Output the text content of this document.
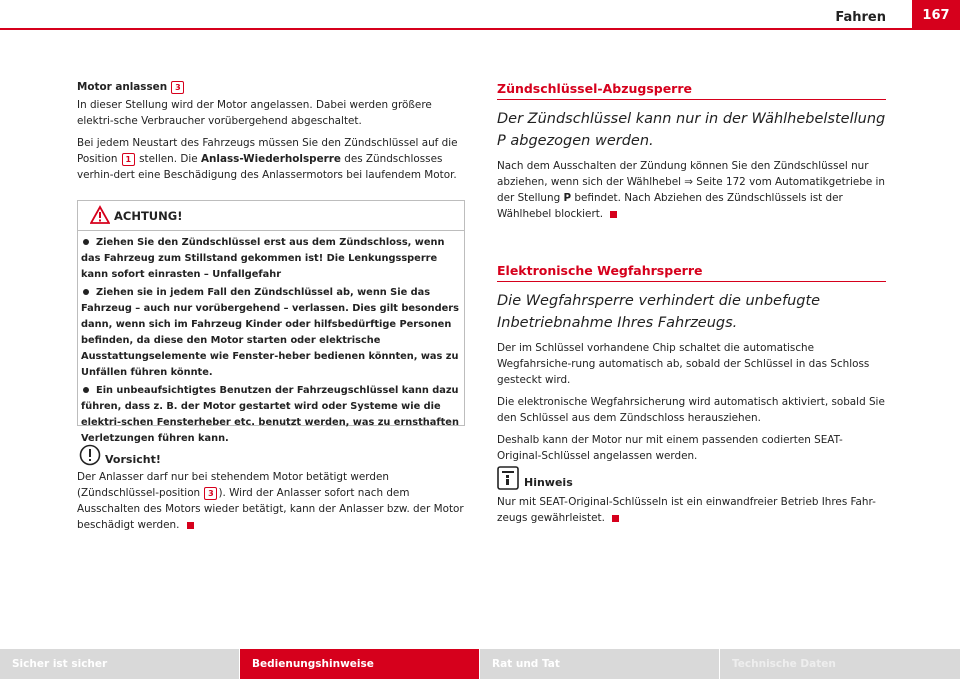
Fahren	167

Motor anlassen 3

In dieser Stellung wird der Motor angelassen. Dabei werden größere elektri-sche Verbraucher vorübergehend abgeschaltet.

Bei jedem Neustart des Fahrzeugs müssen Sie den Zündschlüssel auf die Position 1 stellen. Die Anlass-Wiederholsperre des Zündschlosses verhin-dert eine Beschädigung des Anlassermotors bei laufendem Motor.

ACHTUNG!

Ziehen Sie den Zündschlüssel erst aus dem Zündschloss, wenn das Fahrzeug zum Stillstand gekommen ist! Die Lenkungssperre kann sofort einrasten – Unfallgefahr

Ziehen sie in jedem Fall den Zündschlüssel ab, wenn Sie das Fahrzeug – auch nur vorübergehend – verlassen. Dies gilt besonders dann, wenn sich im Fahrzeug Kinder oder hilfsbedürftige Personen befinden, da diese den Motor starten oder elektrische Ausstattungselemente wie Fenster-heber bedienen könnten, was zu Unfällen führen könnte.

Ein unbeaufsichtigtes Benutzen der Fahrzeugschlüssel kann dazu führen, dass z. B. der Motor gestartet wird oder Systeme wie die elektri-schen Fensterheber etc. benutzt werden, was zu ernsthaften Verletzungen führen kann.

Vorsicht!
Der Anlasser darf nur bei stehendem Motor betätigt werden (Zündschlüssel-position 3 ). Wird der Anlasser sofort nach dem Ausschalten des Motors wieder betätigt, kann der Anlasser bzw. der Motor beschädigt werden.
Zündschlüssel-Abzugsperre
Der Zündschlüssel kann nur in der Wählhebelstellung P abgezogen werden.
Nach dem Ausschalten der Zündung können Sie den Zündschlüssel nur abziehen, wenn sich der Wählhebel ⇒ Seite 172 vom Automatikgetriebe in der Stellung P befindet. Nach Abziehen des Zündschlüssels ist der Wählhebel blockiert.
Elektronische Wegfahrsperre
Die Wegfahrsperre verhindert die unbefugte Inbetriebnahme Ihres Fahrzeugs.

Der im Schlüssel vorhandene Chip schaltet die automatische Wegfahrsiche-rung automatisch ab, sobald der Schlüssel in das Schloss gesteckt wird.

Die elektronische Wegfahrsicherung wird automatisch aktiviert, sobald Sie den Schlüssel aus dem Zündschloss herausziehen.

Deshalb kann der Motor nur mit einem passenden codierten SEAT-Original-Schlüssel angelassen werden.

Hinweis
Nur mit SEAT-Original-Schlüsseln ist ein einwandfreier Betrieb Ihres Fahr-zeugs gewährleistet.
Sicher ist sicher	Bedienungshinweise	Rat und Tat	Technische Daten
